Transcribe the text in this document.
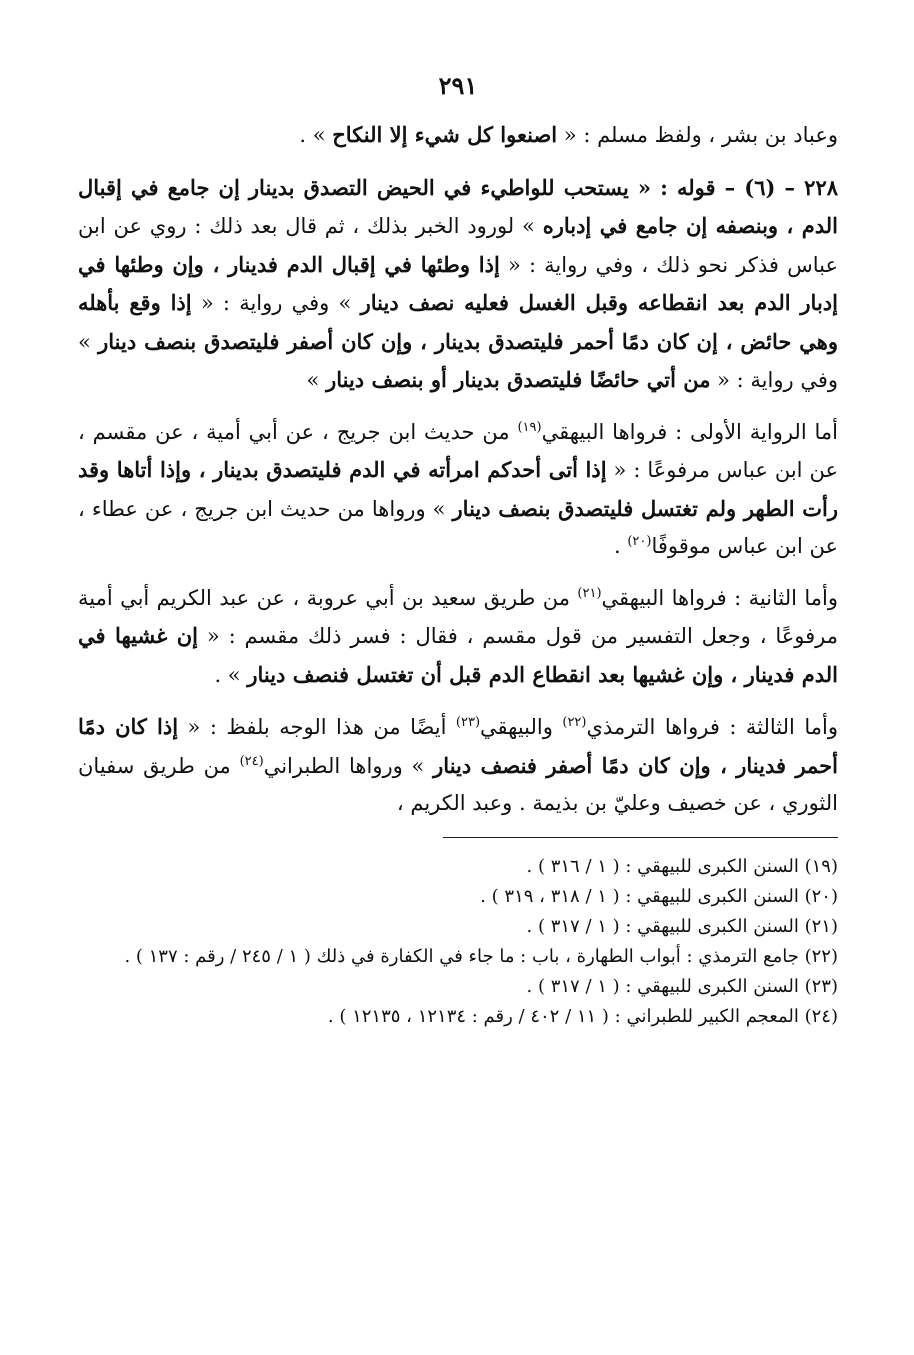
٢٩١

وعباد بن بشر ، ولفظ مسلم : « اصنعوا كل شيء إلا النكاح » .

٢٢٨ – (٦) – قوله : « يستحب للواطيء في الحيض التصدق بدينار إن جامع في إقبال الدم ، وبنصفه إن جامع في إدباره » لورود الخبر بذلك ، ثم قال بعد ذلك : روي عن ابن عباس فذكر نحو ذلك ، وفي رواية : « إذا وطئها في إقبال الدم فدينار ، وإن وطئها في إدبار الدم بعد انقطاعه وقبل الغسل فعليه نصف دينار » وفي رواية : « إذا وقع بأهله وهي حائض ، إن كان دمًا أحمر فليتصدق بدينار ، وإن كان أصفر فليتصدق بنصف دينار » وفي رواية : « من أتي حائضًا فليتصدق بدينار أو بنصف دينار »

أما الرواية الأولى : فرواها البيهقي$^{(١٩)}$ من حديث ابن جريج ، عن أبي أمية ، عن مقسم ، عن ابن عباس مرفوعًا : « إذا أتى أحدكم امرأته في الدم فليتصدق بدينار ، وإذا أتاها وقد رأت الطهر ولم تغتسل فليتصدق بنصف دينار » ورواها من حديث ابن جريج ، عن عطاء ، عن ابن عباس موقوفًا$^{(٢٠)}$ .

وأما الثانية : فرواها البيهقي$^{(٢١)}$ من طريق سعيد بن أبي عروبة ، عن عبد الكريم أبي أمية مرفوعًا ، وجعل التفسير من قول مقسم ، فقال : فسر ذلك مقسم : « إن غشيها في الدم فدينار ، وإن غشيها بعد انقطاع الدم قبل أن تغتسل فنصف دينار » .

وأما الثالثة : فرواها الترمذي$^{(٢٢)}$ والبيهقي$^{(٢٣)}$ أيضًا من هذا الوجه بلفظ : « إذا كان دمًا أحمر فدينار ، وإن كان دمًا أصفر فنصف دينار » ورواها الطبراني$^{(٢٤)}$ من طريق سفيان الثوري ، عن خصيف وعليّ بن بذيمة . وعبد الكريم ،

(١٩) السنن الكبرى للبيهقي : ( ١ / ٣١٦ ) .
(٢٠) السنن الكبرى للبيهقي : ( ١ / ٣١٨ ، ٣١٩ ) .
(٢١) السنن الكبرى للبيهقي : ( ١ / ٣١٧ ) .
(٢٢) جامع الترمذي : أبواب الطهارة ، باب : ما جاء في الكفارة في ذلك ( ١ / ٢٤٥ / رقم : ١٣٧ ) .
(٢٣) السنن الكبرى للبيهقي : ( ١ / ٣١٧ ) .
(٢٤) المعجم الكبير للطبراني : ( ١١ / ٤٠٢ / رقم : ١٢١٣٤ ، ١٢١٣٥ ) .
